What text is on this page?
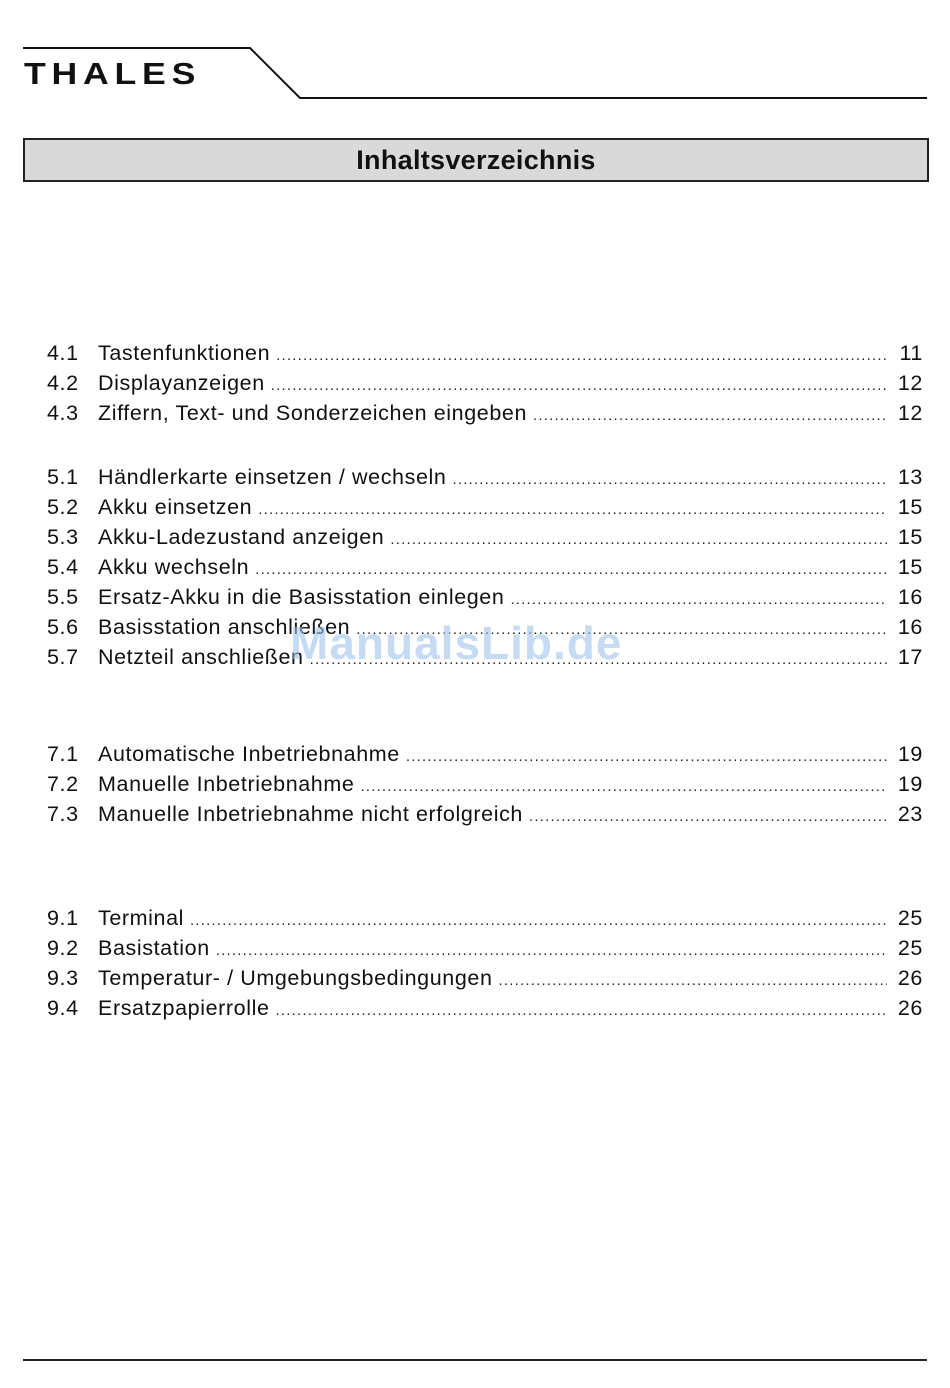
THALES
Inhaltsverzeichnis
4.1 Tastenfunktionen .....	11
4.2 Displayanzeigen .....	12
4.3 Ziffern, Text- und Sonderzeichen eingeben .....	12
5.1 Händlerkarte einsetzen / wechseln .....	13
5.2 Akku einsetzen .....	15
5.3 Akku-Ladezustand anzeigen .....	15
5.4 Akku wechseln .....	15
5.5 Ersatz-Akku in die Basisstation einlegen .....	16
5.6 Basisstation anschließen .....	16
5.7 Netzteil anschließen .....	17
7.1 Automatische Inbetriebnahme .....	19
7.2 Manuelle Inbetriebnahme .....	19
7.3 Manuelle Inbetriebnahme nicht erfolgreich .....	23
9.1 Terminal .....	25
9.2 Basistation .....	25
9.3 Temperatur- / Umgebungsbedingungen .....	26
9.4 Ersatzpapierrolle .....	26
ManualsLib.de
